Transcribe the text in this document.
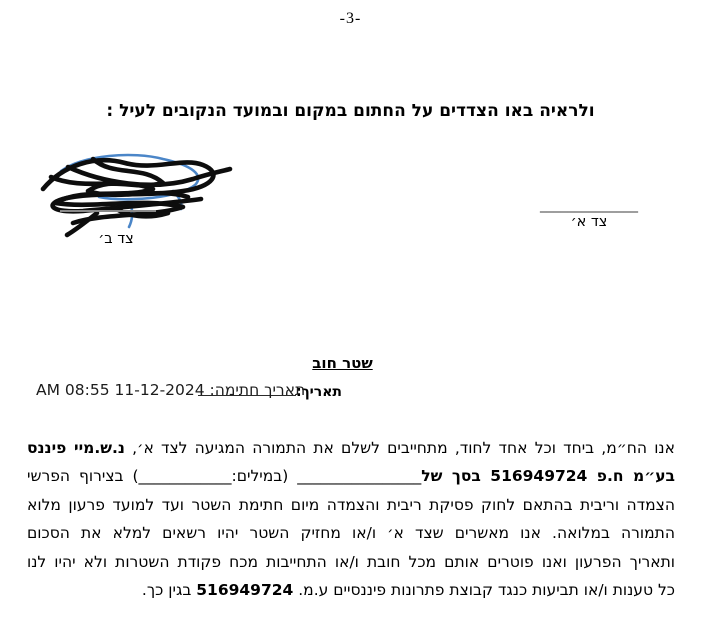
-3-
ולראיה באו הצדדים על החתום במקום ובמועד הנקובים לעיל :
צד ב׳
______________
צד א׳
שטר חוב
תאריך:
תאריך חתימה: 11-12-2024 08:55 AM
אנו הח״מ, ביחד וכל אחד לחוד, מתחייבים לשלם את התמורה המגיעה לצד א׳, נ.ש.מיי פיננס
בע״מ ח.פ 516949724 בסך של________________ (במילים:____________) בצירוף הפרשי
הצמדה וריבית בהתאם לחוק פסיקת ריבית והצמדה מיום חתימת השטר ועד למועד פרעון מלוא
התמורה במלואה. אנו מאשרים שצד א׳ ו/או מחזיק השטר יהיו רשאים למלא את הסכום
ותאריך הפרעון ואנו פוטרים אותם מכל חובת ו/או התחייבות מכח פקודת השטרות ולא יהיו לנו
כל טענות ו/או תביעות כנגד קבוצת פתרונות פיננסיים ע.מ. 516949724 בגין כך.
